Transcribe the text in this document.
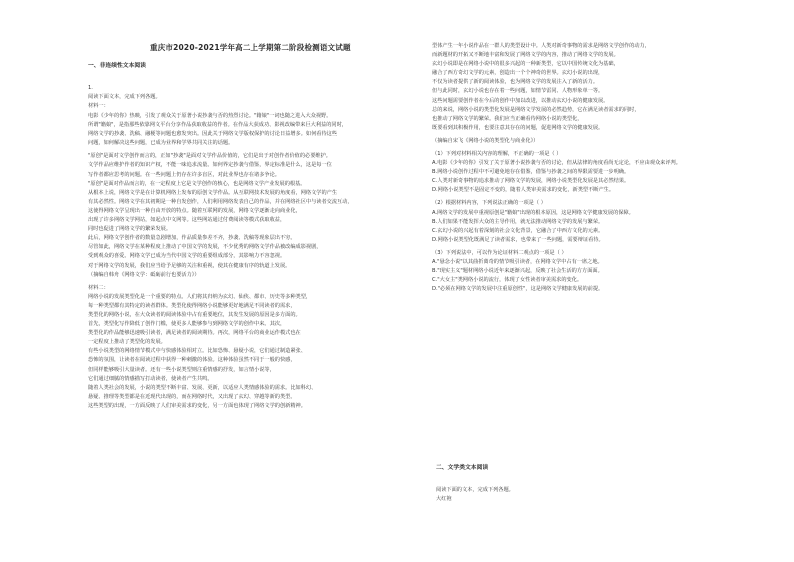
重庆市2020-2021学年高二上学期第二阶段检测语文试题
一、非连续性文本阅读
1.
阅读下面文本，完成下列各题。
材料一：
电影《少年的你》热映，引发了观众关于原著小说抄袭与否的热烈讨论。"籍娘"一词也随之进入大众视野。
所谓"籍娘"，是指那些依靠网文平台分享作品获取收益的作者。在作品大获成功、影视改编带来巨大利益的同时，
网络文学的抄袭、洗稿、融梗等问题也愈发突出。因此关于网络文学版权保护的讨论日益增多。如何看待这些
问题，如何解决这些问题，已成为业界和学界共同关注的话题。
"原创"是面对文学创作而言的，正如"抄袭"是面对文学作品价值的，它们是出于对创作者价值的必要维护。
文学作品应维护作者的知识产权，不能一味追求流量。如何界定抄袭与借鉴，界定标准是什么，这是每一位
写作者都应思考的问题。在一些问题上仍存在许多盲区，对此业界也存在诸多争论。
"原创"是面对作品而言的，在一定程度上它是文学创作的核心，也是网络文学产业发展的根基。
从根本上说，网络文学是在计算机网络上发布的原创文学作品。从互联网技术发展的角度看，网络文学的产生
有其必然性。网络文学在其初期是一种自发创作，人们利用网络发表自己的作品，并在网络社区中与读者交流互动，
这使得网络文学呈现出一种自由开放的特点。随着互联网的发展，网络文学逐渐走向商业化，
出现了许多网络文学网站，如起点中文网等。这些网站通过付费阅读等模式获取收益，
同时也促进了网络文学的繁荣发展。
此后，网络文学创作者的数量急剧增加，作品质量参差不齐，抄袭、洗稿等现象层出不穷。
尽管如此，网络文学在某种程度上推动了中国文学的发展，不少优秀的网络文学作品被改编成影视剧，
受到观众的喜爱。网络文学已成为当代中国文学的重要组成部分，其影响力不容忽视。
对于网络文学的发展，我们应当给予足够的关注和重视，使其在健康有序的轨道上发展。
（摘编自韩舟《网络文学：砥砺前行也要活力》）
材料二：
网络小说的发展类型化是一个重要的特点。人们将其归纳为玄幻、仙侠、都市、历史等多种类型，
每一种类型都有其特定的读者群体。类型化使得网络小说能够更好地满足不同读者的需求，
类型化的网络小说，在大众读者的阅读体验中占有重要地位，其发生发展的原因是多方面的。
首先，类型化写作降低了创作门槛，使更多人能够参与到网络文学的创作中来。其次，
类型化的作品能够迅速吸引读者，满足读者的阅读期待。再次，网络平台的商业运作模式也在
一定程度上推动了类型化的发展。
有些小说类型的网络情节模式中与快感体验相对立。比如恐怖、悬疑小说，它们通过制造紧张、
恐怖的氛围，让读者在阅读过程中获得一种刺激的体验。这种体验虽然不同于一般的快感，
但同样能够吸引大量读者。还有一些小说类型则注重情感的抒发，如言情小说等，
它们通过细腻的情感描写打动读者，使读者产生共鸣。
随着人类社会的发展，小说的类型不断丰富、发展、更新，以适应人类情感体验的需求。比如科幻、
悬疑、推理等类型都是在近现代出现的，而在网络时代，又出现了玄幻、穿越等新的类型。
这些类型的出现，一方面反映了人们审美需求的变化，另一方面也体现了网络文学的创新精神。
型体产生一年小说作品在一群人的类型设计中。人类对新奇事物的需求是网络文学创作的动力，
而新题材的开拓又不断地丰富和发展了网络文学的内容，推动了网络文学的发展。
玄幻小说即是在网络小说中的很多兴起的一种新类型，它以中国传统文化为基础，
融合了西方奇幻文学的元素，创造出一个个神奇的世界。玄幻小说的出现，
不仅为读者提供了新的阅读体验，也为网络文学的发展注入了新的活力。
但与此同时，玄幻小说也存在着一些问题，如情节雷同、人物形象单一等。
这些问题需要创作者在今后的创作中加以改进，以推动玄幻小说的健康发展。
总的来说，网络小说的类型化发展是网络文学发展的必然趋势，它在满足读者需求的同时，
也推动了网络文学的繁荣。我们应当正确看待网络小说的类型化，
既要看到其积极作用，也要注意其存在的问题，促进网络文学的健康发展。
（摘编自宋飞《网络小说的类型化与商业化》）
（1）下列对材料相关内容的理解，不正确的一项是（ ）
A.电影《少年的你》引发了关于原著小说抄袭与否的讨论，但从法律的角度看尚无定论，不应由观众来评判。
B.网络小说创作过程中不可避免地存在借鉴，借鉴与抄袭之间的界限需要进一步明确。
C.人类对新奇事物的追求推动了网络文学的发展，网络小说类型化发展是其必然结果。
D.网络小说类型不是固定不变的，随着人类审美需求的变化，新类型不断产生。
（2）根据材料内容，下列说法正确的一项是（ ）
A.网络文学的发展中重视原创是"籍娘"出现的根本原因，这是网络文学健康发展的保障。
B.人们如果不能发挥大众的主导作用，就无法推动网络文学的发展与繁荣。
C.玄幻小说的兴起有着深刻的社会文化背景，它融合了中西方文化的元素。
D.网络小说类型化既满足了读者需求，也带来了一些问题，需要辩证看待。
（3）下列说法中，可以作为论证材料二观点的一项是（ ）
A."悬念小说"以其曲折离奇的情节吸引读者，在网络文学中占有一席之地。
B."现实主义"题材网络小说近年来逐渐兴起，反映了社会生活的方方面面。
C."大女主"类网络小说的流行，体现了女性读者审美需求的变化。
D."必须在网络文学的发展中注重原创性"，这是网络文学健康发展的前提。
二、文学类文本阅读
阅读下面的文本，完成下列各题。
大红袍
